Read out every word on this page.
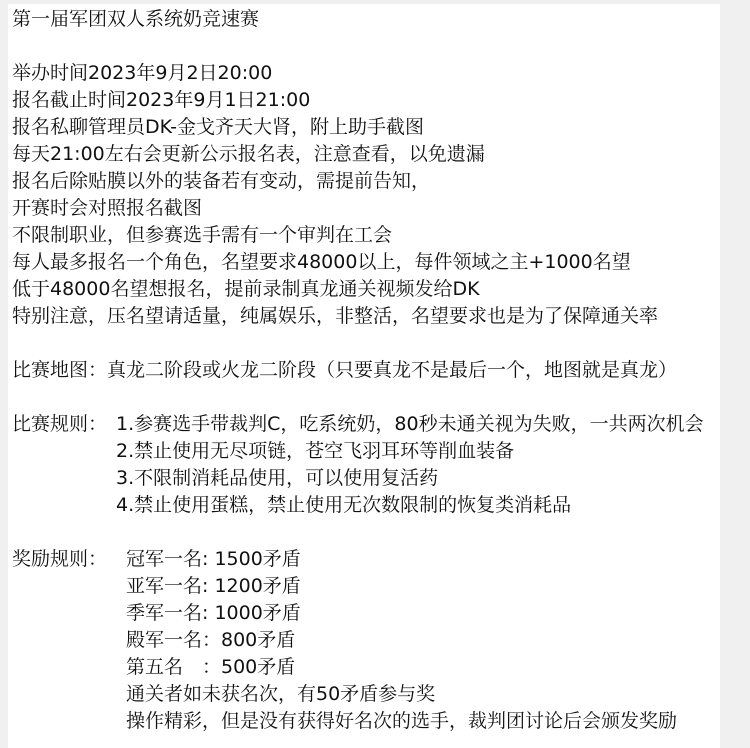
第一届军团双人系统奶竞速赛
举办时间2023年9月2日20:00
报名截止时间2023年9月1日21:00
报名私聊管理员DK-金戈齐天大肾，附上助手截图
每天21:00左右会更新公示报名表，注意查看，以免遗漏
报名后除贴膜以外的装备若有变动，需提前告知，
开赛时会对照报名截图
不限制职业，但参赛选手需有一个审判在工会
每人最多报名一个角色，名望要求48000以上，每件领域之主+1000名望
低于48000名望想报名，提前录制真龙通关视频发给DK
特别注意，压名望请适量，纯属娱乐，非整活，名望要求也是为了保障通关率
比赛地图：真龙二阶段或火龙二阶段（只要真龙不是最后一个，地图就是真龙）
比赛规则： 1.参赛选手带裁判C，吃系统奶，80秒未通关视为失败，一共两次机会
2.禁止使用无尽项链，苍空飞羽耳环等削血装备
3.不限制消耗品使用，可以使用复活药
4.禁止使用蛋糕，禁止使用无次数限制的恢复类消耗品
奖励规则： 冠军一名: 1500矛盾
亚军一名: 1200矛盾
季军一名: 1000矛盾
殿军一名：800矛盾
第五名　：500矛盾
通关者如未获名次，有50矛盾参与奖
操作精彩，但是没有获得好名次的选手，裁判团讨论后会颁发奖励
